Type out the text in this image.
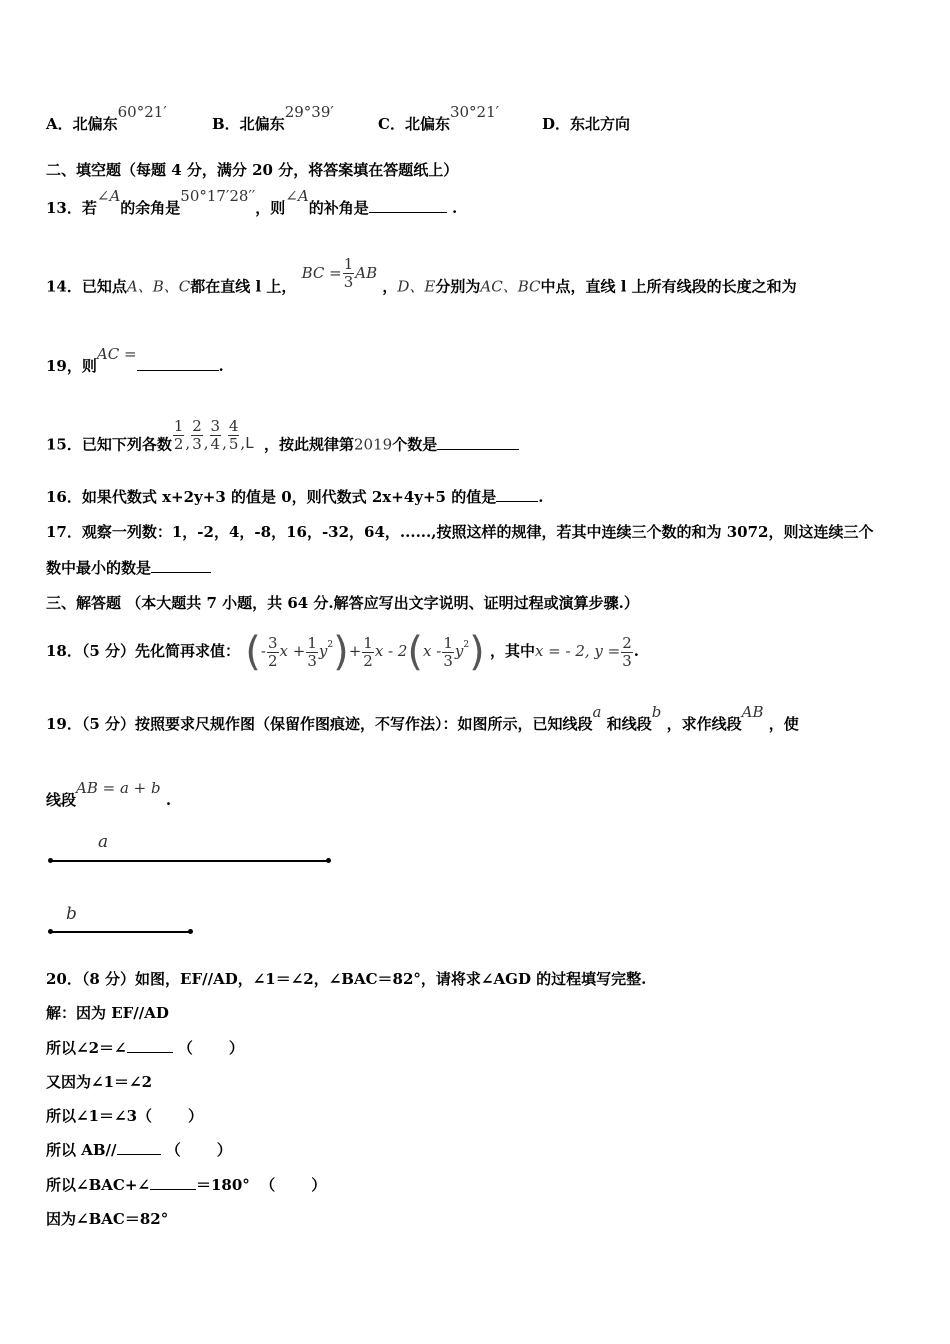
A．北偏东60°21′B．北偏东29°39′C．北偏东30°21′D．东北方向
二、填空题（每题 4 分，满分 20 分，将答案填在答题纸上）
13．若∠A的余角是50°17′28′′，则∠A的补角是	.
14．已知点A、B、C都在直线 l 上， BC = $\frac{1}{3}$ AB ，D、E分别为AC、BC中点，直线 l 上所有线段的长度之和为
19，则AC =.
15．已知下列各数 $\frac{1}{2}$ , $\frac{2}{3}$ , $\frac{3}{4}$ , $\frac{4}{5} ,L$ ，按此规律第2019个数是
16．如果代数式 x+2y+3 的值是 0，则代数式 2x+4y+5 的值是	.
17．观察一列数：1，-2，4，-8，16，-32，64，......,按照这样的规律，若其中连续三个数的和为 3072，则这连续三个
数中最小的数是
三、解答题 （本大题共 7 小题，共 64 分.解答应写出文字说明、证明过程或演算步骤.）
18．（5 分）先化简再求值： (- $\frac{3}{2}$ $x + \frac{1}{3} y^2)+ \frac{1}{2}$ x - $2(x - \frac{1}{3} y^2)$ ，其中x = - 2, $y = \frac{2}{3}$ .
19．（5 分）按照要求尺规作图（保留作图痕迹，不写作法）：如图所示，已知线段a 和线段b ，求作线段AB ，使
线段AB = a + b .
a
b
20．（8 分）如图，EF//AD，∠1＝∠2，∠BAC＝82°，请将求∠AGD 的过程填写完整.
解：因为 EF//AD
所以∠2＝∠	（ ）
又因为∠1＝∠2
所以∠1＝∠3（ ）
所以 AB//	（ ）
所以∠BAC+∠	＝180° （ ）
因为∠BAC＝82°
